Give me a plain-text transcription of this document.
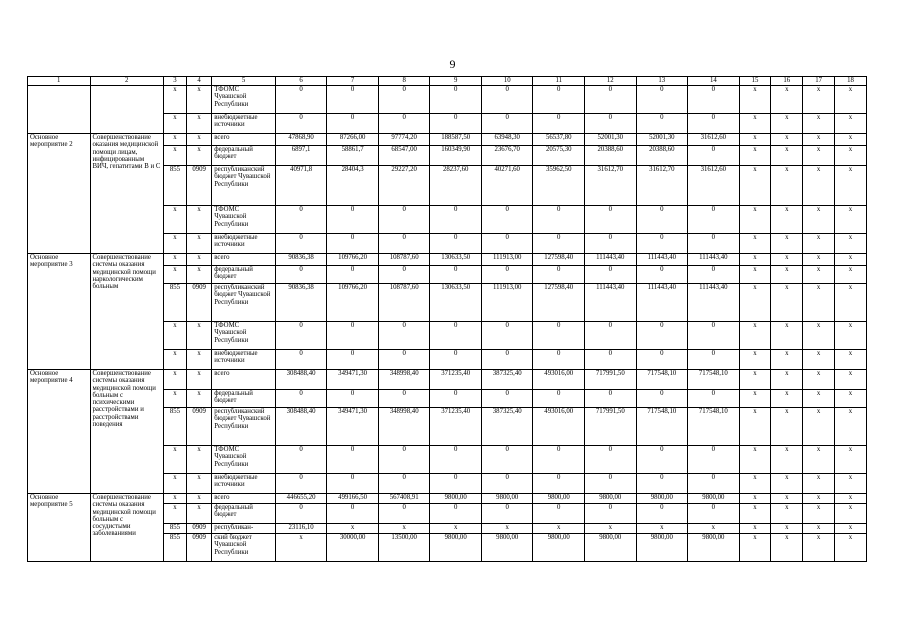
9
1	2	3	4	5	6	7	8	9	10	11	12	13	14	15	16	17	18
		x	x	ТФОМС Чувашской Республики	0	0	0	0	0	0	0	0	0	x	x	x	x
		x	x	внебюджетные источники	0	0	0	0	0	0	0	0	0	x	x	x	x
Основное мероприятие 2	Совершенствование оказания медицинской помощи лицам, инфицированным ВИЧ, гепатитами В и С	x	x	всего	47868,90	87266,00	97774,20	188587,50	63948,30	56537,80	52001,30	52001,30	31612,60	x	x	x	x
		x	x	федеральный бюджет	6897,1	58861,7	68547,00	160349,90	23676,70	20575,30	20388,60	20388,60	0	x	x	x	x
		855	0909	республиканский бюджет Чувашской Республики	40971,8	28404,3	29227,20	28237,60	40271,60	35962,50	31612,70	31612,70	31612,60	x	x	x	x
		x	x	ТФОМС Чувашской Республики	0	0	0	0	0	0	0	0	0	x	x	x	x
		x	x	внебюджетные источники	0	0	0	0	0	0	0	0	0	x	x	x	x
Основное мероприятие 3	Совершенствование системы оказания медицинской помощи наркологическим больным	x	x	всего	90836,38	109766,20	108787,60	130633,50	111913,00	127598,40	111443,40	111443,40	111443,40	x	x	x	x
		x	x	федеральный бюджет	0	0	0	0	0	0	0	0	0	x	x	x	x
		855	0909	республиканский бюджет Чувашской Республики	90836,38	109766,20	108787,60	130633,50	111913,00	127598,40	111443,40	111443,40	111443,40	x	x	x	x
		x	x	ТФОМС Чувашской Республики	0	0	0	0	0	0	0	0	0	x	x	x	x
		x	x	внебюджетные источники	0	0	0	0	0	0	0	0	0	x	x	x	x
Основное мероприятие 4	Совершенствование системы оказания медицинской помощи больным с психическими расстройствами и расстройствами поведения	x	x	всего	308488,40	349471,30	348998,40	371235,40	387325,40	493016,00	717991,50	717548,10	717548,10	x	x	x	x
		x	x	федеральный бюджет	0	0	0	0	0	0	0	0	0	x	x	x	x
		855	0909	республиканский бюджет Чувашской Республики	308488,40	349471,30	348998,40	371235,40	387325,40	493016,00	717991,50	717548,10	717548,10	x	x	x	x
		x	x	ТФОМС Чувашской Республики	0	0	0	0	0	0	0	0	0	x	x	x	x
		x	x	внебюджетные источники	0	0	0	0	0	0	0	0	0	x	x	x	x
Основное мероприятие 5	Совершенствование системы оказания медицинской помощи больным с сосудистыми заболеваниями	x	x	всего	446655,20	499166,50	567408,91	9800,00	9800,00	9800,00	9800,00	9800,00	9800,00	x	x	x	x
		x	x	федеральный бюджет	0	0	0	0	0	0	0	0	0	x	x	x	x
		855	0909	республикан-	23116,10	x	x	x	x	x	x	x	x	x	x	x	x
		855	0909	ский бюджет Чувашской Республики	x	30000,00	13500,00	9800,00	9800,00	9800,00	9800,00	9800,00	9800,00	x	x	x	x
